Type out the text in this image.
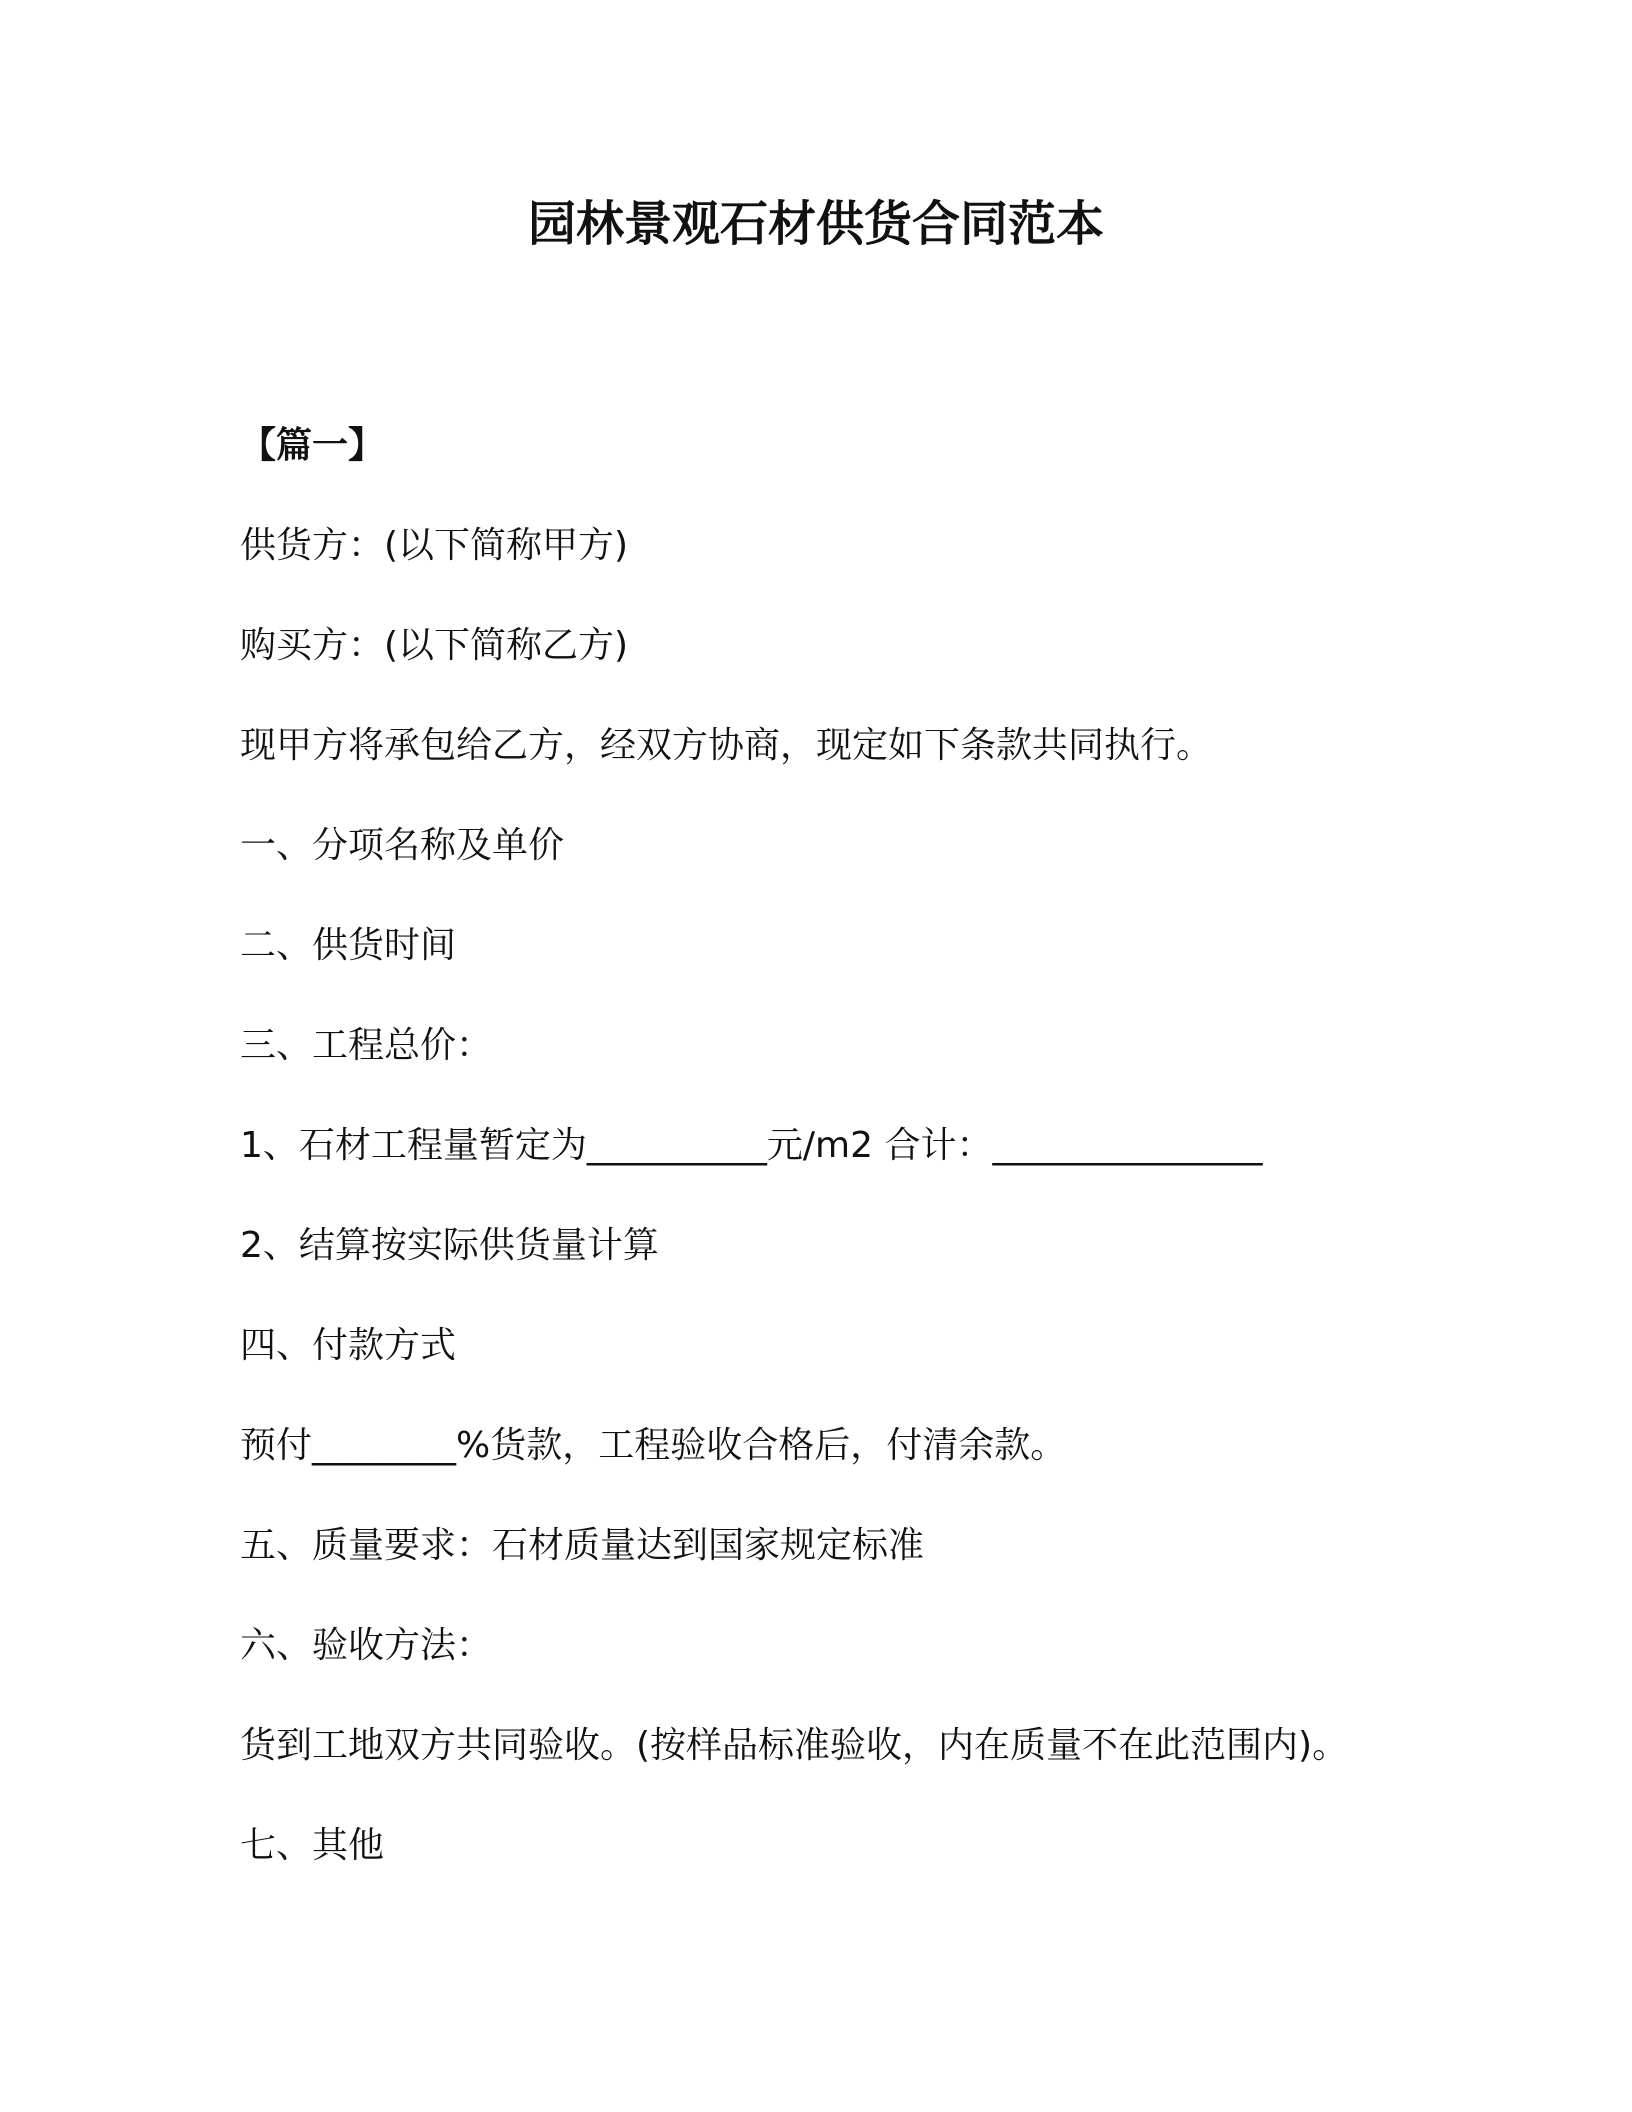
园林景观石材供货合同范本
【篇一】
供货方：(以下简称甲方)
购买方：(以下简称乙方)
现甲方将承包给乙方，经双方协商，现定如下条款共同执行。
一、分项名称及单价
二、供货时间
三、工程总价：
1、石材工程量暂定为__________元/m2 合计：_______________
2、结算按实际供货量计算
四、付款方式
预付________%货款，工程验收合格后，付清余款。
五、质量要求：石材质量达到国家规定标准
六、验收方法：
货到工地双方共同验收。(按样品标准验收，内在质量不在此范围内)。
七、其他
